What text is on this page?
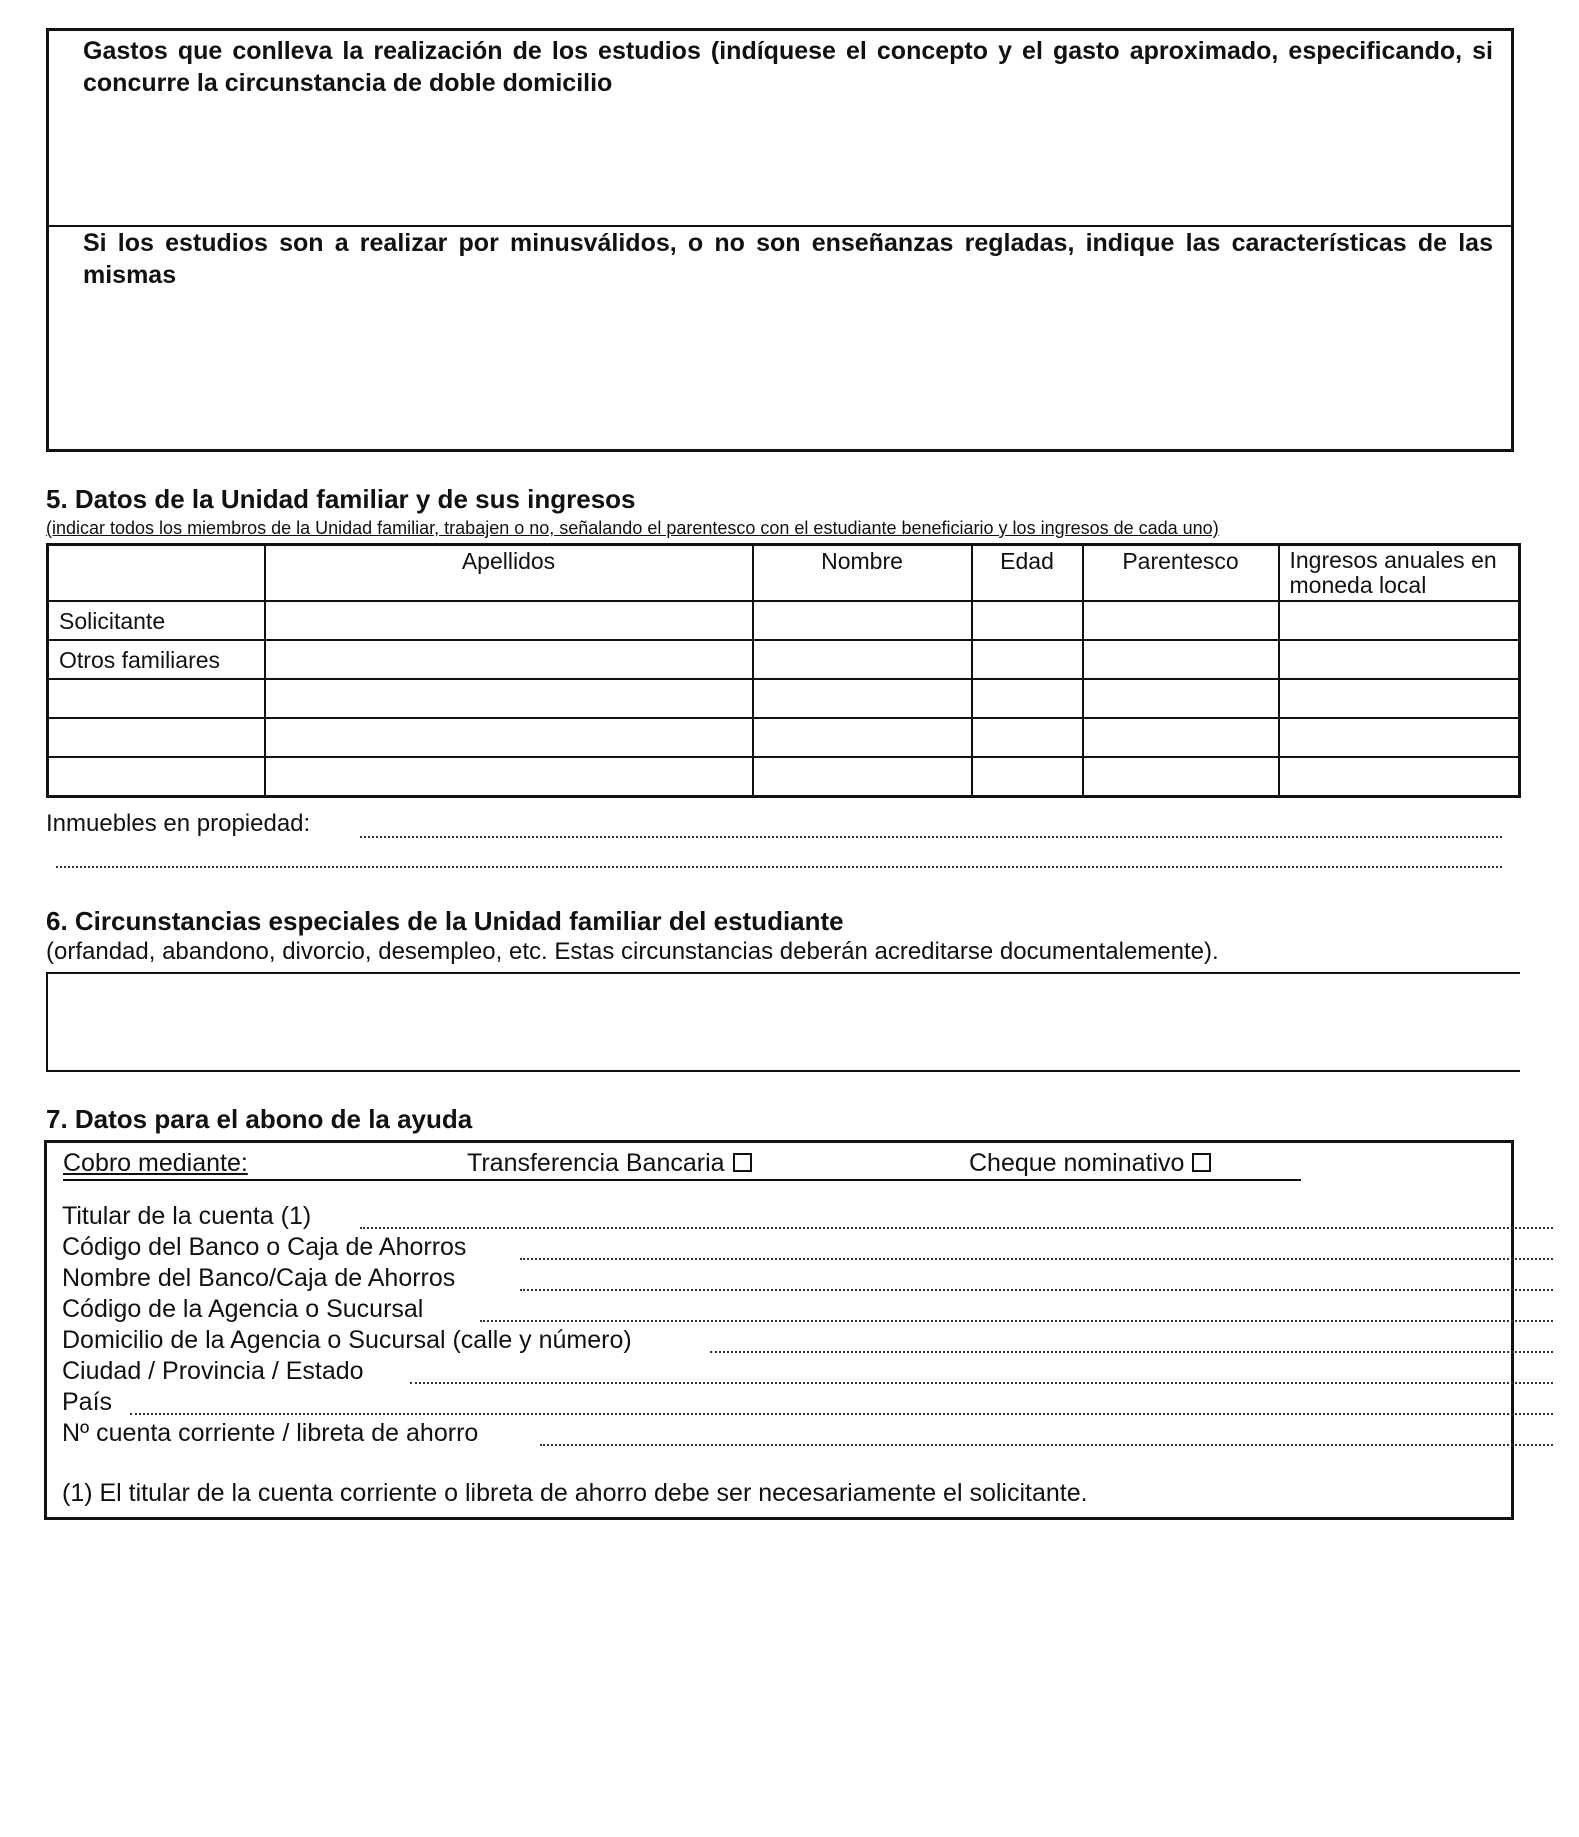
Gastos que conlleva la realización de los estudios (indíquese el concepto y el gasto aproximado, especificando, si concurre la circunstancia de doble domicilio
Si los estudios son a realizar por minusválidos, o no son enseñanzas regladas, indique las características de las mismas
5. Datos de la Unidad familiar y de sus ingresos
(indicar todos los miembros de la Unidad familiar, trabajen o no, señalando el parentesco con el estudiante beneficiario y los ingresos de cada uno)
	Apellidos	Nombre	Edad	Parentesco	Ingresos anuales en moneda local
Solicitante					
Otros familiares					

Inmuebles en propiedad:
6. Circunstancias especiales de la Unidad familiar del estudiante
(orfandad, abandono, divorcio, desempleo, etc. Estas circunstancias deberán acreditarse documentalemente).
7. Datos para el abono de la ayuda
Cobro mediante:	Transferencia Bancaria	Cheque nominativo
Titular de la cuenta (1)
Código del Banco o Caja de Ahorros
Nombre del Banco/Caja de Ahorros
Código de la Agencia o Sucursal
Domicilio de la Agencia o Sucursal (calle y número)
Ciudad / Provincia / Estado
País
Nº cuenta corriente / libreta de ahorro
(1) El titular de la cuenta corriente o libreta de ahorro debe ser necesariamente el solicitante.
